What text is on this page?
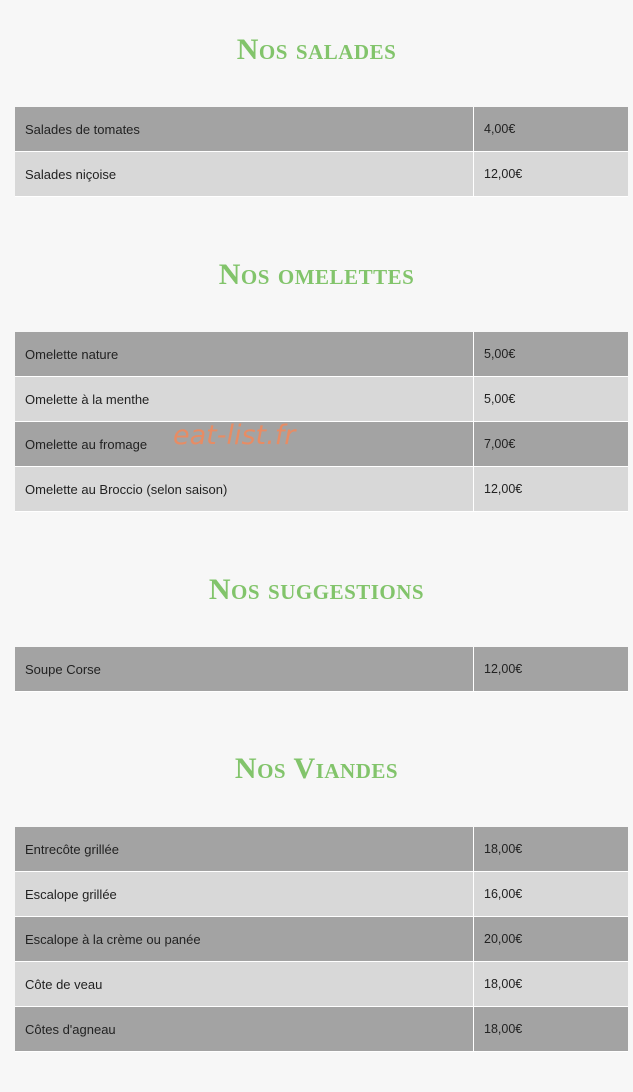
Nos salades
Salades de tomates	4,00€
Salades niçoise	12,00€
Nos omelettes
Omelette nature	5,00€
Omelette à la menthe	5,00€
Omelette au fromage	7,00€
Omelette au Broccio (selon saison)	12,00€
Nos suggestions
Soupe Corse	12,00€
Nos Viandes
Entrecôte grillée	18,00€
Escalope grillée	16,00€
Escalope à la crème ou panée	20,00€
Côte de veau	18,00€
Côtes d'agneau	18,00€
eat-list.fr
